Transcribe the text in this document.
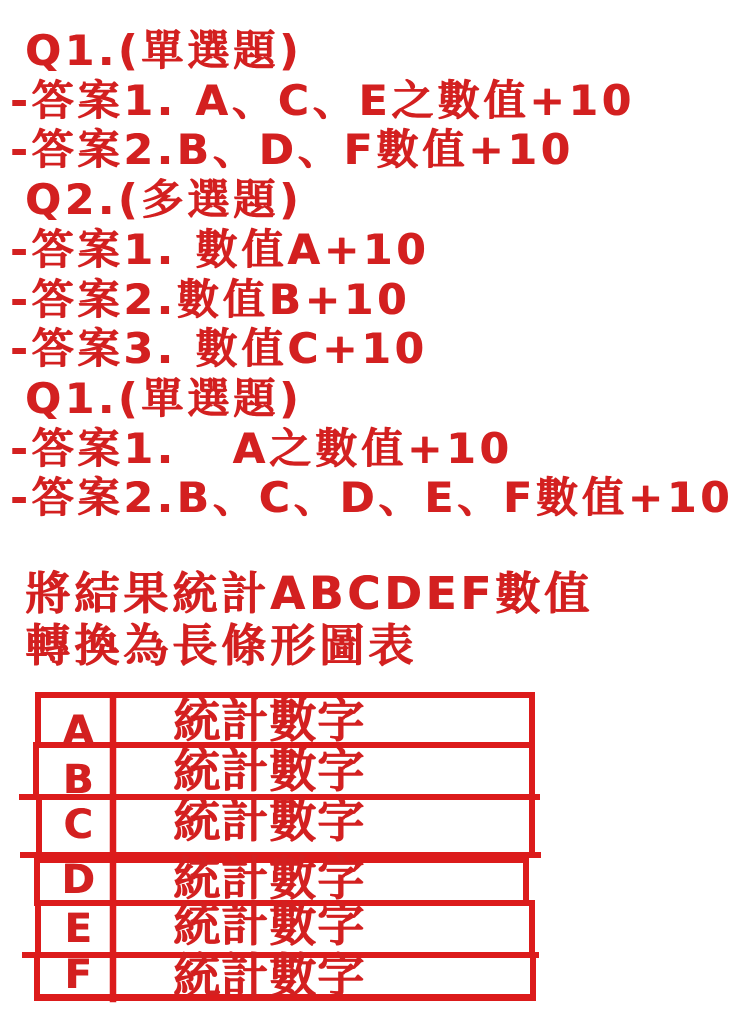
Q1.(單選題)
-答案1. A、C、E之數值+10
-答案2.B、D、F數值+10
Q2.(多選題)
-答案1. 數值A+10
-答案2.數值B+10
-答案3. 數值C+10
Q1.(單選題)
-答案1.   A之數值+10
-答案2.B、C、D、E、F數值+10
將結果統計ABCDEF數值
轉換為長條形圖表
A	統計數字
B	統計數字
C	統計數字
D 統計數字
E	統計數字
F	統計數字
